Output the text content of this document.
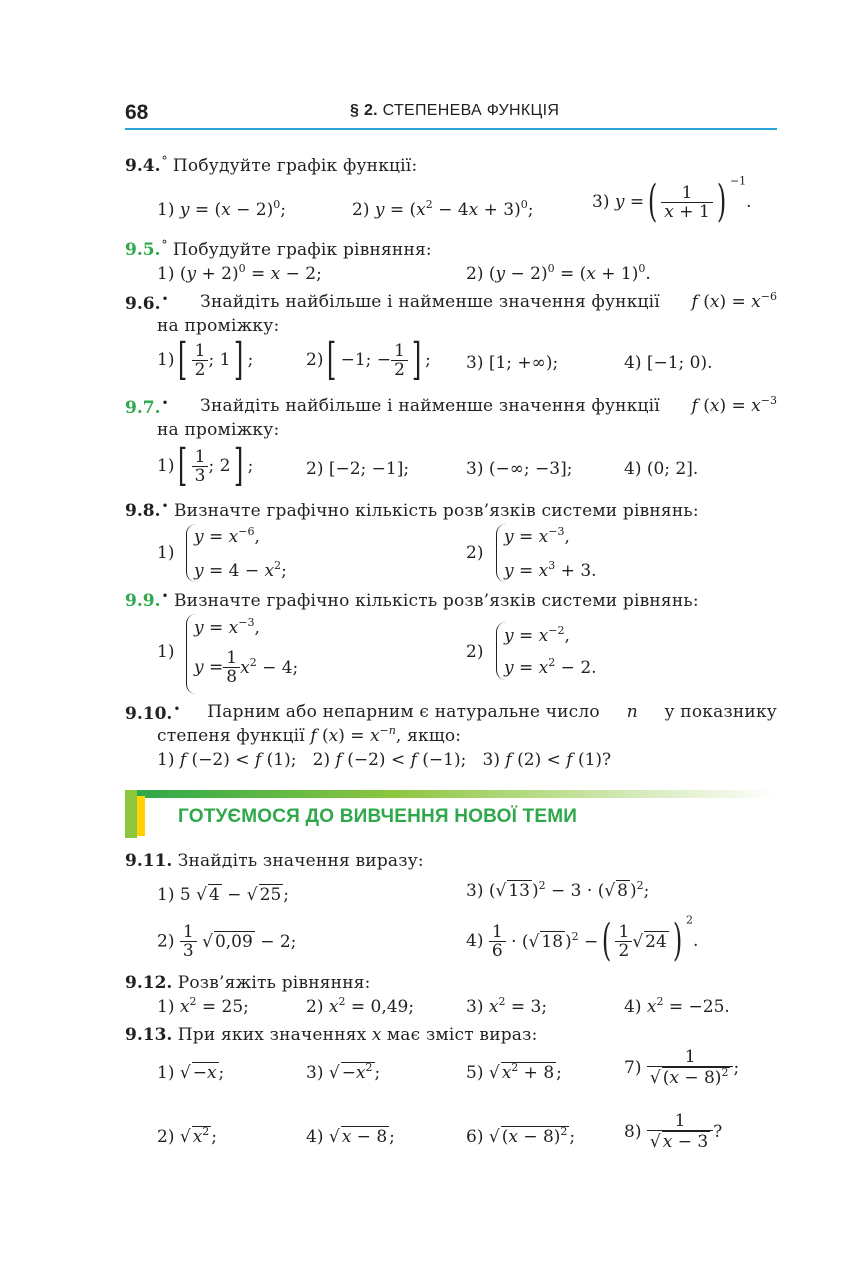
68	§ 2. СТЕПЕНЕВА ФУНКЦІЯ
9.4.° Побудуйте графік функції:
1) $y = (x - 2)^0$;	2) $y = (x^2 - 4x + 3)^0$;	3) y =( $\frac{1}{x + 1}$ ) $^{-1}$.
9.5.° Побудуйте графік рівняння:
1) $(y + 2)^0 = x - 2$;	2) $(y - 2)^0 = (x + 1)^0$.
9.6.• Знайдіть найбільше і найменше значення функції f $(x) = x^{-6}$
на проміжку:
$1)[ \frac{1}{2}$ ; 1] ;	2)[ −1; − $\frac{1}{2}$ ] ; 3) [1; +∞);	4) [−1; 0).
9.7.• Знайдіть найбільше і найменше значення функції f $(x) = x^{-3}$
на проміжку:
$1)[ \frac{1}{3}$ ; 2] ;	2) [−2; −1];	3) (−∞; −3];	4) (0; 2].
9.8.• Визначте графічно кількість розв’язків системи рівнянь:
1)
$y = x^{-6}$,
$y = 4 - x^2$;
2)
$y = x^{-3}$,
$y = x^3 + 3$.
9.9.• Визначте графічно кількість розв’язків системи рівнянь:
1)
$y = x^{-3}$,
$y = \frac{1}{8} x^2 - 4$;
2)
$y = x^{-2}$,
$y = x^2 - 2$.
9.10.• Парним або непарним є натуральне число n у показнику
степеня функції f $(x) = x^{-n}$, якщо:
1) f (−2) < f (1);   2) f (−2) < f (−1);   3) f (2) < f (1)?
ГОТУЄМОСЯ ДО ВИВЧЕННЯ НОВОЇ ТЕМИ
9.11. Знайдіть значення виразу:
1) 5 √ 4 − √ 25 ;	3) (√ 13 )$^2$ − 3 · (√ 8 )$^2$;
$2) \frac{1}{3}$ √ 0,09 − 2;	$4) \frac{1}{6}$ · (√ 18 )$^2$ −( $\frac{1}{2}$ √ 24 ) $^2$.
9.12. Розв’яжіть рівняння:
1) $x^2 = 25$;	2) $x^2 = 0,49$;	3) $x^2 = 3$;	4) $x^2 = -25$.
9.13. При яких значеннях x має зміст вираз:
1) √ −x ;	3) √ $-x^2$ ;	5) √ $x^2 + 8$ ;	$7) \frac{1}{√ (x - 8)^2}$ ;
2) √ $x^2$ ;	4) √ x − 8 ;	6) √ $(x - 8)^2$ ;	$8) \frac{1}{√ x - 3}$ ?
